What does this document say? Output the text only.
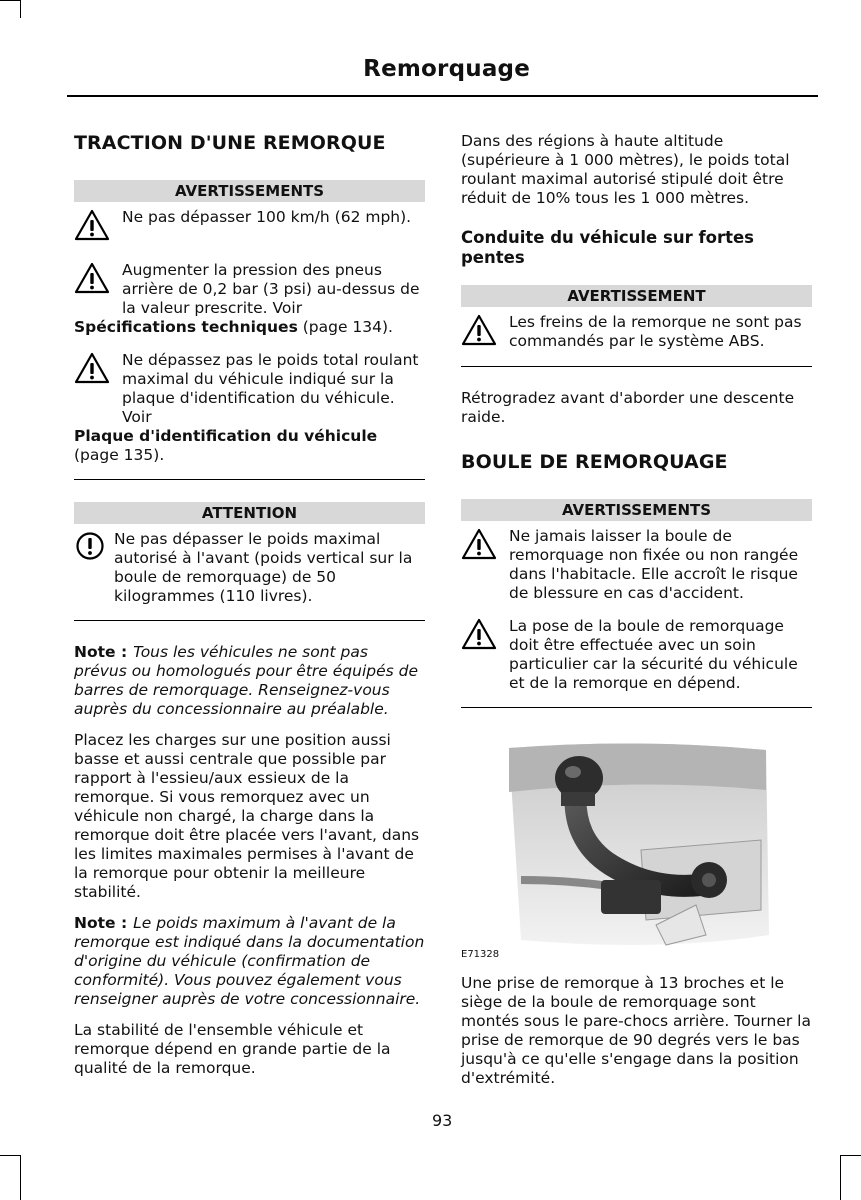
Remorquage
TRACTION D'UNE REMORQUE
AVERTISSEMENTS
Ne pas dépasser 100 km/h (62 mph).
Augmenter la pression des pneus arrière de 0,2 bar (3 psi) au-dessus de la valeur prescrite. Voir
Spécifications techniques (page 134).
Ne dépassez pas le poids total roulant maximal du véhicule indiqué sur la plaque d'identification du véhicule. Voir
Plaque d'identification du véhicule (page 135).
ATTENTION
Ne pas dépasser le poids maximal autorisé à l'avant (poids vertical sur la boule de remorquage) de 50 kilogrammes (110 livres).

Note : Tous les véhicules ne sont pas prévus ou homologués pour être équipés de barres de remorquage. Renseignez-vous auprès du concessionnaire au préalable.

Placez les charges sur une position aussi basse et aussi centrale que possible par rapport à l'essieu/aux essieux de la remorque. Si vous remorquez avec un véhicule non chargé, la charge dans la remorque doit être placée vers l'avant, dans les limites maximales permises à l'avant de la remorque pour obtenir la meilleure stabilité.

Note : Le poids maximum à l'avant de la remorque est indiqué dans la documentation d'origine du véhicule (confirmation de conformité). Vous pouvez également vous renseigner auprès de votre concessionnaire.

La stabilité de l'ensemble véhicule et remorque dépend en grande partie de la qualité de la remorque.

Dans des régions à haute altitude (supérieure à 1 000 mètres), le poids total roulant maximal autorisé stipulé doit être réduit de 10% tous les 1 000 mètres.

Conduite du véhicule sur fortes pentes
AVERTISSEMENT
Les freins de la remorque ne sont pas commandés par le système ABS.

Rétrogradez avant d'aborder une descente raide.

BOULE DE REMORQUAGE
AVERTISSEMENTS
Ne jamais laisser la boule de remorquage non fixée ou non rangée dans l'habitacle. Elle accroît le risque de blessure en cas d'accident.
La pose de la boule de remorquage doit être effectuée avec un soin particulier car la sécurité du véhicule et de la remorque en dépend.
E71328

Une prise de remorque à 13 broches et le siège de la boule de remorquage sont montés sous le pare-chocs arrière. Tourner la prise de remorque de 90 degrés vers le bas jusqu'à ce qu'elle s'engage dans la position d'extrémité.

93
